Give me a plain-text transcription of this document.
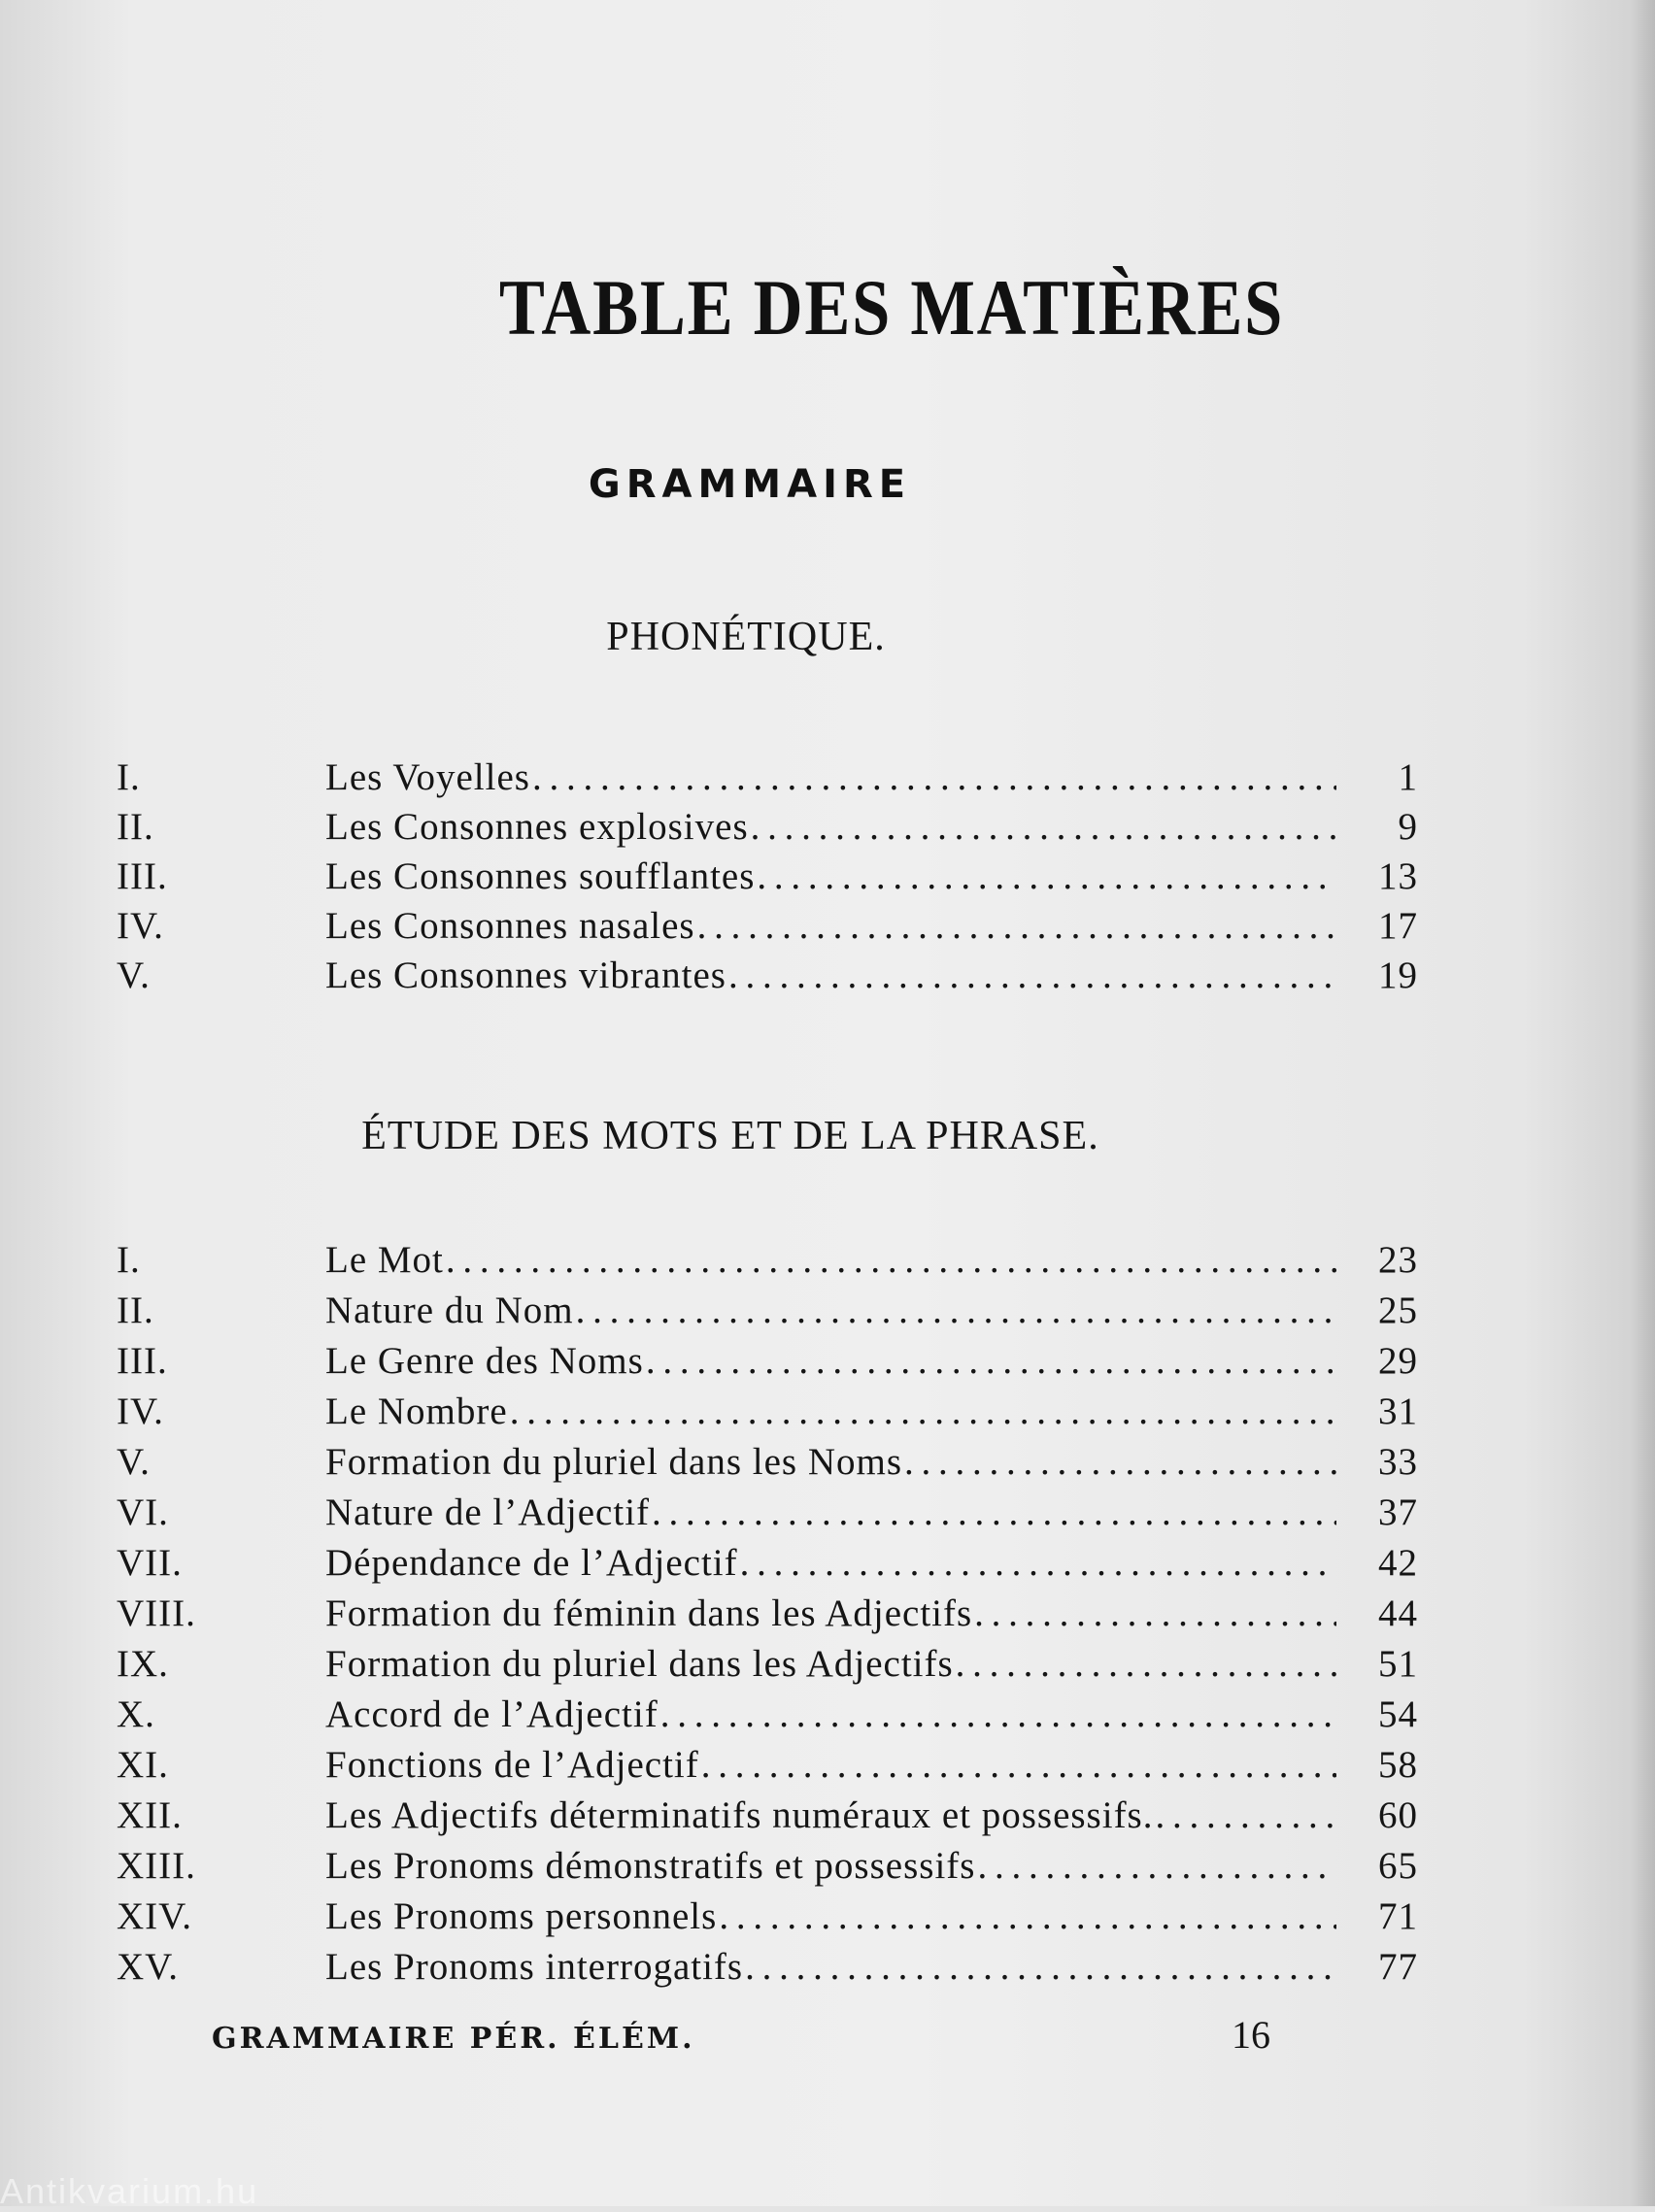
TABLE DES MATIÈRES
GRAMMAIRE
PHONÉTIQUE.
I.	Les Voyelles . . .	1
II.	Les Consonnes explosives . . .	9
III.	Les Consonnes soufflantes . . .	13
IV.	Les Consonnes nasales . . .	17
V.	Les Consonnes vibrantes . . .	19
ÉTUDE DES MOTS ET DE LA PHRASE.
I.	Le Mot . . .	23
II.	Nature du Nom . . .	25
III.	Le Genre des Noms . . .	29
IV.	Le Nombre . . .	31
V.	Formation du pluriel dans les Noms . . .	33
VI.	Nature de l’Adjectif . . .	37
VII.	Dépendance de l’Adjectif . . .	42
VIII.	Formation du féminin dans les Adjectifs . . .	44
IX.	Formation du pluriel dans les Adjectifs . . .	51
X.	Accord de l’Adjectif . . .	54
XI.	Fonctions de l’Adjectif . . .	58
XII.	Les Adjectifs déterminatifs numéraux et possessifs. . . .	60
XIII.	Les Pronoms démonstratifs et possessifs . . .	65
XIV.	Les Pronoms personnels . . .	71
XV.	Les Pronoms interrogatifs . . .	77
GRAMMAIRE PÉR. ÉLÉM.	16
Antikvarium.hu
